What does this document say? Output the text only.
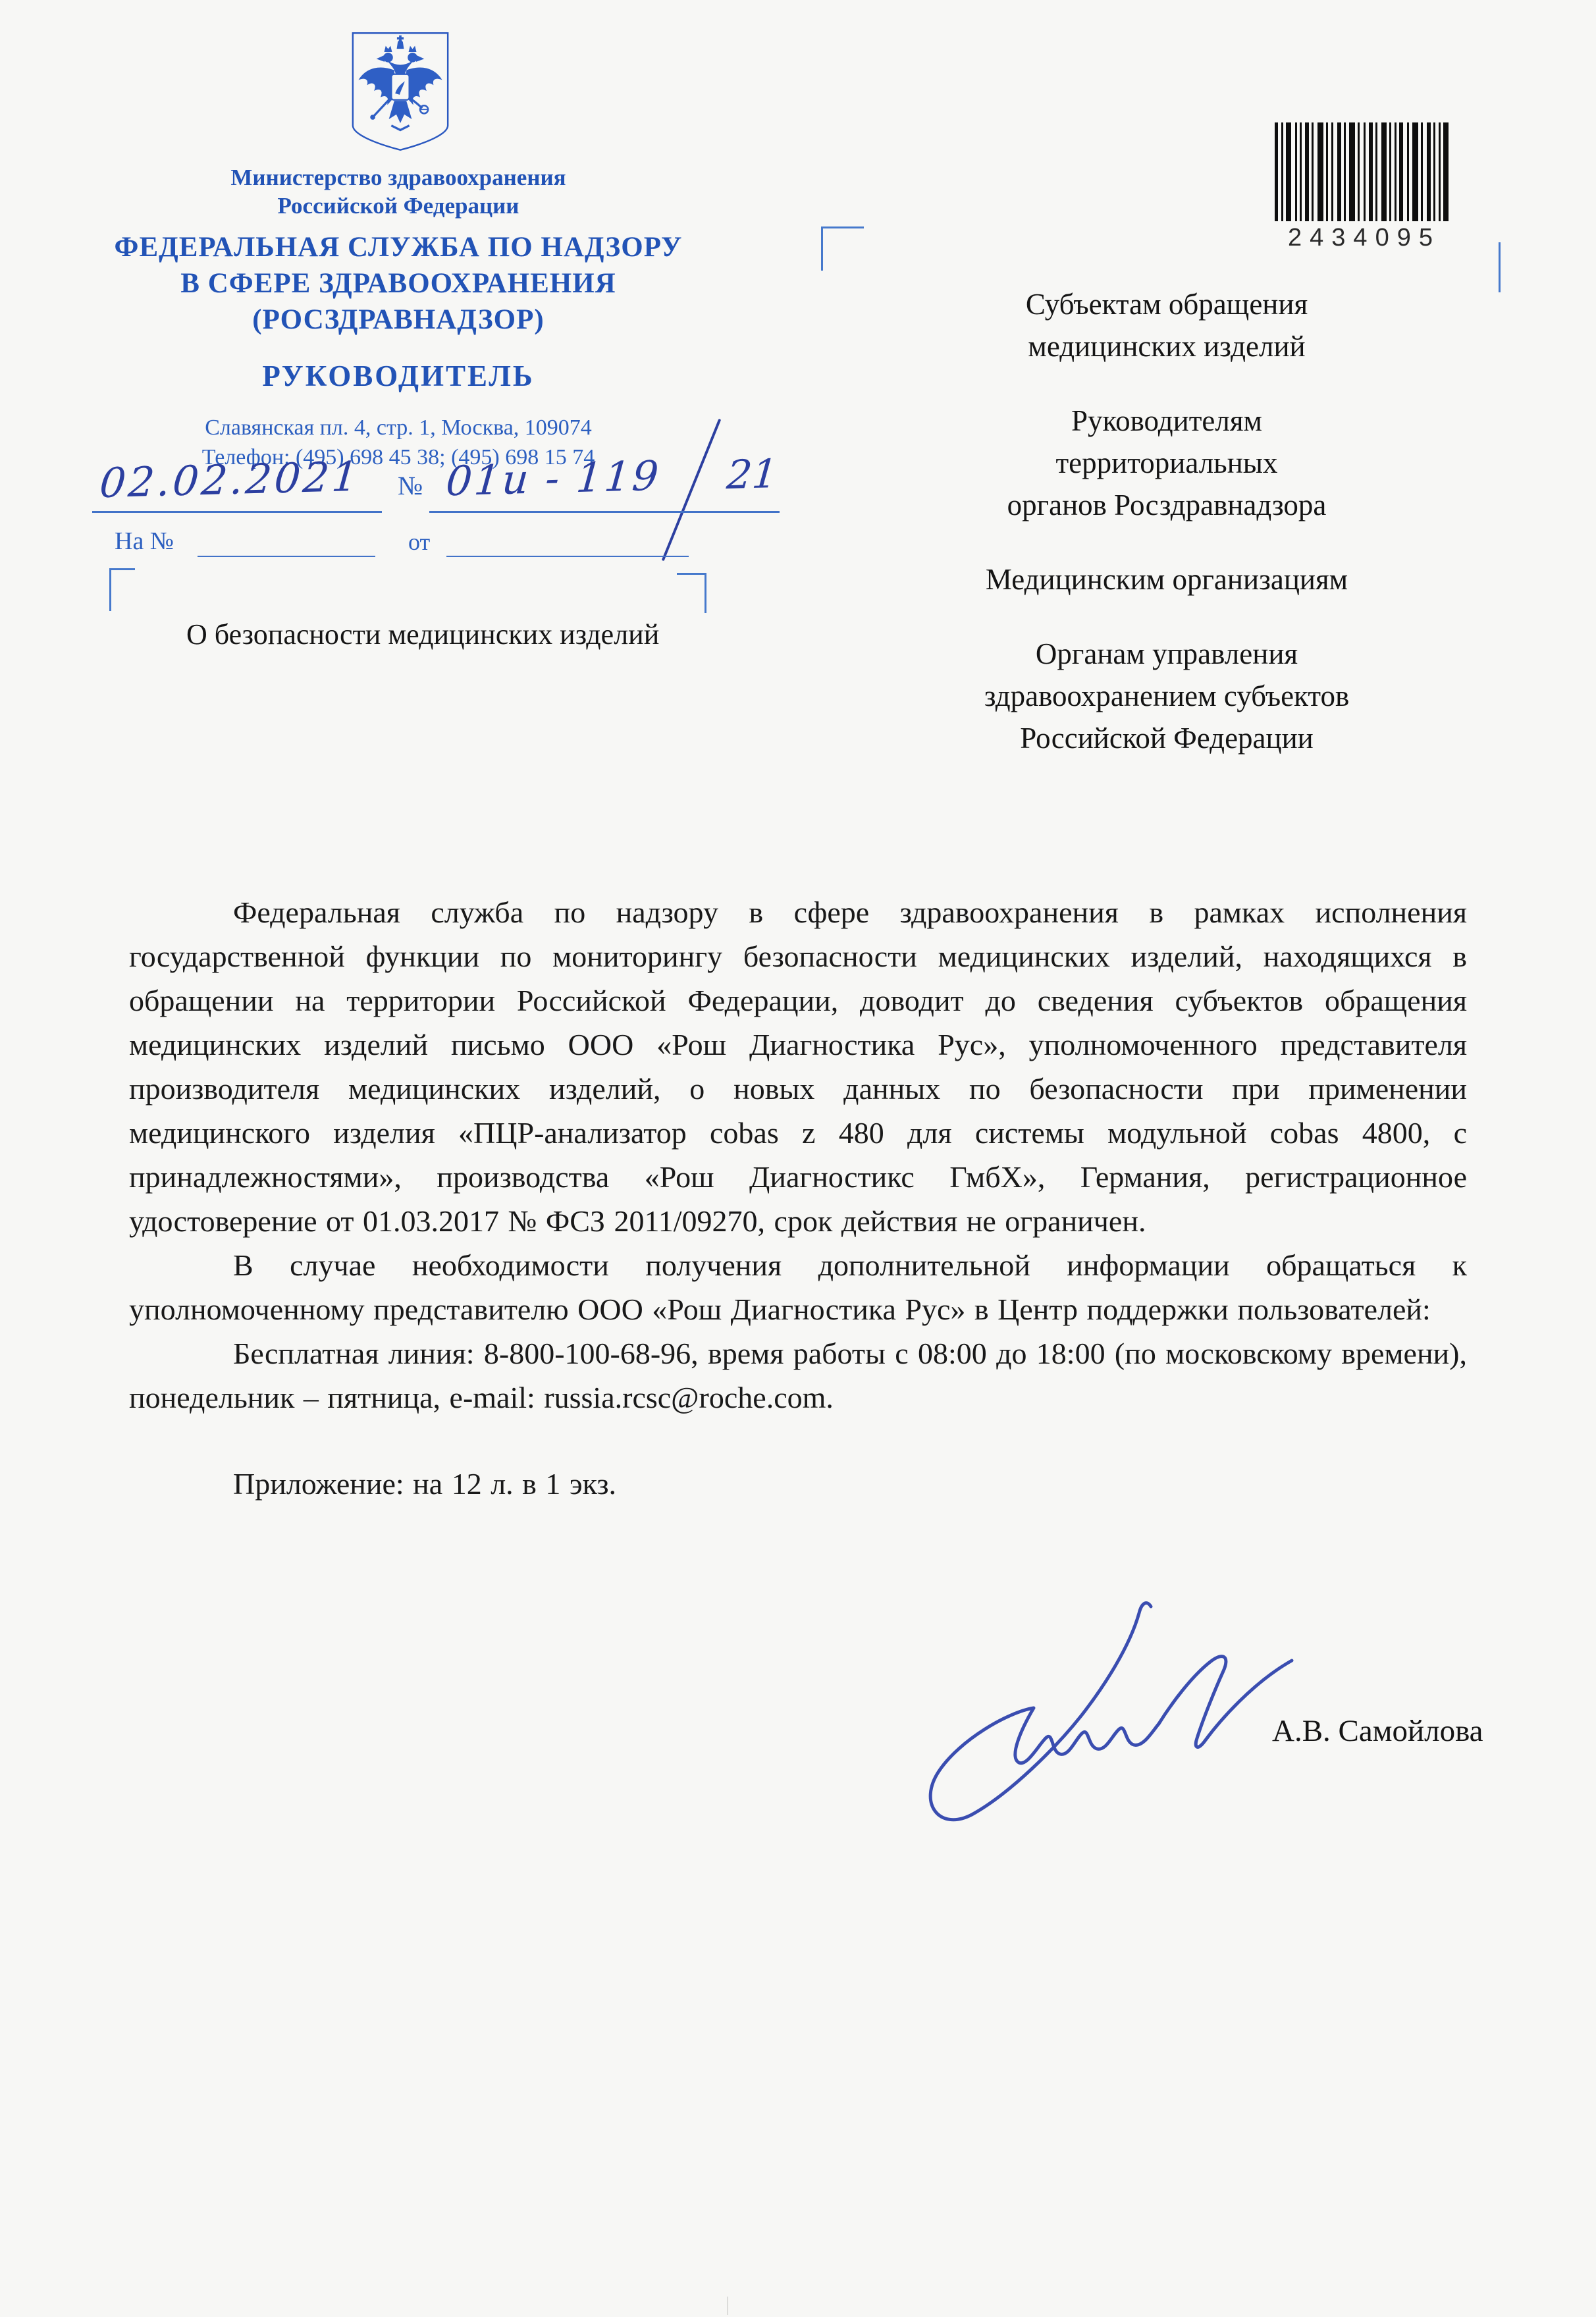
Министерство здравоохранения
Российской Федерации
ФЕДЕРАЛЬНАЯ СЛУЖБА ПО НАДЗОРУ
В СФЕРЕ ЗДРАВООХРАНЕНИЯ
(РОСЗДРАВНАДЗОР)
РУКОВОДИТЕЛЬ
Славянская пл. 4, стр. 1, Москва, 109074
Телефон: (495) 698 45 38; (495) 698 15 74
02.02.2021 № 01и - 119 21
На №	от
О безопасности медицинских изделий
2434095
Субъектам обращения
медицинских изделий
Руководителям
территориальных
органов Росздравнадзора
Медицинским организациям
Органам управления
здравоохранением субъектов
Российской Федерации

Федеральная служба по надзору в сфере здравоохранения в рамках исполнения государственной функции по мониторингу безопасности медицинских изделий, находящихся в обращении на территории Российской Федерации, доводит до сведения субъектов обращения медицинских изделий письмо ООО «Рош Диагностика Рус», уполномоченного представителя производителя медицинских изделий, о новых данных по безопасности при применении медицинского изделия «ПЦР-анализатор cobas z 480 для системы модульной cobas 4800, с принадлежностями», производства «Рош Диагностикс ГмбХ», Германия, регистрационное удостоверение от 01.03.2017 № ФСЗ 2011/09270, срок действия не ограничен.

В случае необходимости получения дополнительной информации обращаться к уполномоченному представителю ООО «Рош Диагностика Рус» в Центр поддержки пользователей:

Бесплатная линия: 8-800-100-68-96, время работы с 08:00 до 18:00 (по московскому времени), понедельник – пятница, e-mail: russia.rcsc@roche.com.

Приложение: на 12 л. в 1 экз.

А.В. Самойлова
